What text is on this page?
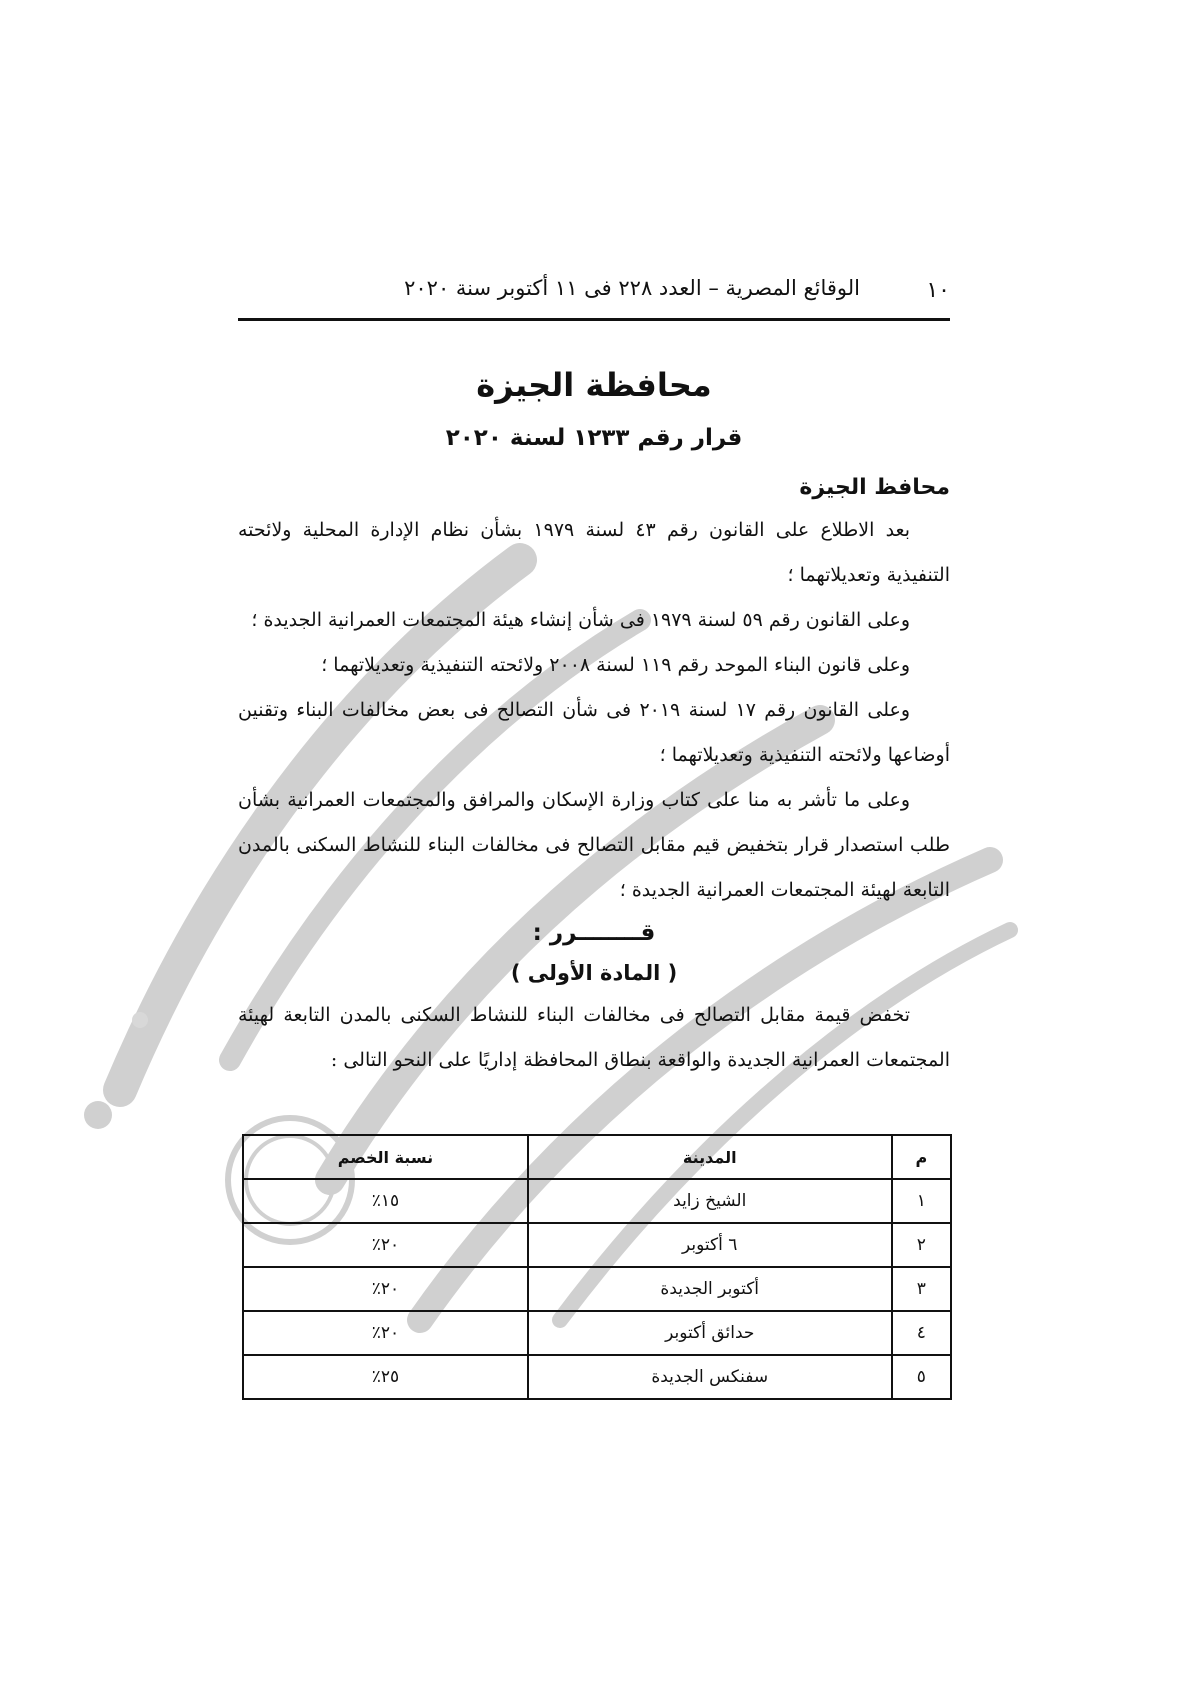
١٠
الوقائع المصرية – العدد ٢٢٨ فى ١١ أكتوبر سنة ٢٠٢٠
محافظة الجيزة
قرار رقم ١٢٣٣ لسنة ٢٠٢٠
محافظ الجيزة

بعد الاطلاع على القانون رقم ٤٣ لسنة ١٩٧٩ بشأن نظام الإدارة المحلية ولائحته التنفيذية وتعديلاتهما ؛

وعلى القانون رقم ٥٩ لسنة ١٩٧٩ فى شأن إنشاء هيئة المجتمعات العمرانية الجديدة ؛

وعلى قانون البناء الموحد رقم ١١٩ لسنة ٢٠٠٨ ولائحته التنفيذية وتعديلاتهما ؛

وعلى القانون رقم ١٧ لسنة ٢٠١٩ فى شأن التصالح فى بعض مخالفات البناء وتقنين أوضاعها ولائحته التنفيذية وتعديلاتهما ؛

وعلى ما تأشر به منا على كتاب وزارة الإسكان والمرافق والمجتمعات العمرانية بشأن طلب استصدار قرار بتخفيض قيم مقابل التصالح فى مخالفات البناء للنشاط السكنى بالمدن التابعة لهيئة المجتمعات العمرانية الجديدة ؛

قــــــــرر :
( المادة الأولى )

تخفض قيمة مقابل التصالح فى مخالفات البناء للنشاط السكنى بالمدن التابعة لهيئة المجتمعات العمرانية الجديدة والواقعة بنطاق المحافظة إداريًا على النحو التالى :

م	المدينة	نسبة الخصم
١	الشيخ زايد	١٥٪
٢	٦ أكتوبر	٢٠٪
٣	أكتوبر الجديدة	٢٠٪
٤	حدائق أكتوبر	٢٠٪
٥	سفنكس الجديدة	٢٥٪
